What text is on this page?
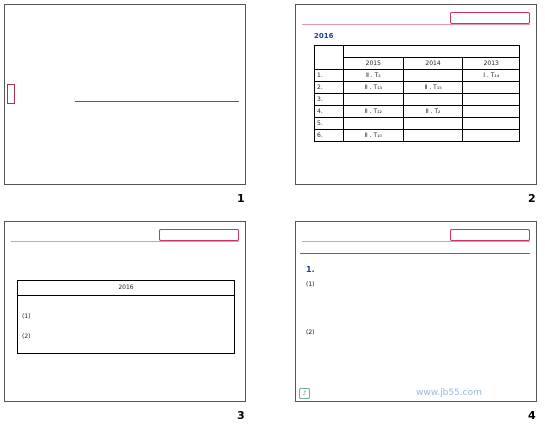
1
2016

	2015	2014	2013
1.	Ⅱ . T₂		Ⅰ . T₁₄
2.	Ⅱ . T₁₃	Ⅱ . T₁₅	
3.			
4.	Ⅱ . T₁₂	Ⅱ . T₂	
5.			
6.	Ⅱ . T₁₀		
2
2016
(1)
(2)
3
1.
(1)
(2)
www.jb55.com
♪
4
